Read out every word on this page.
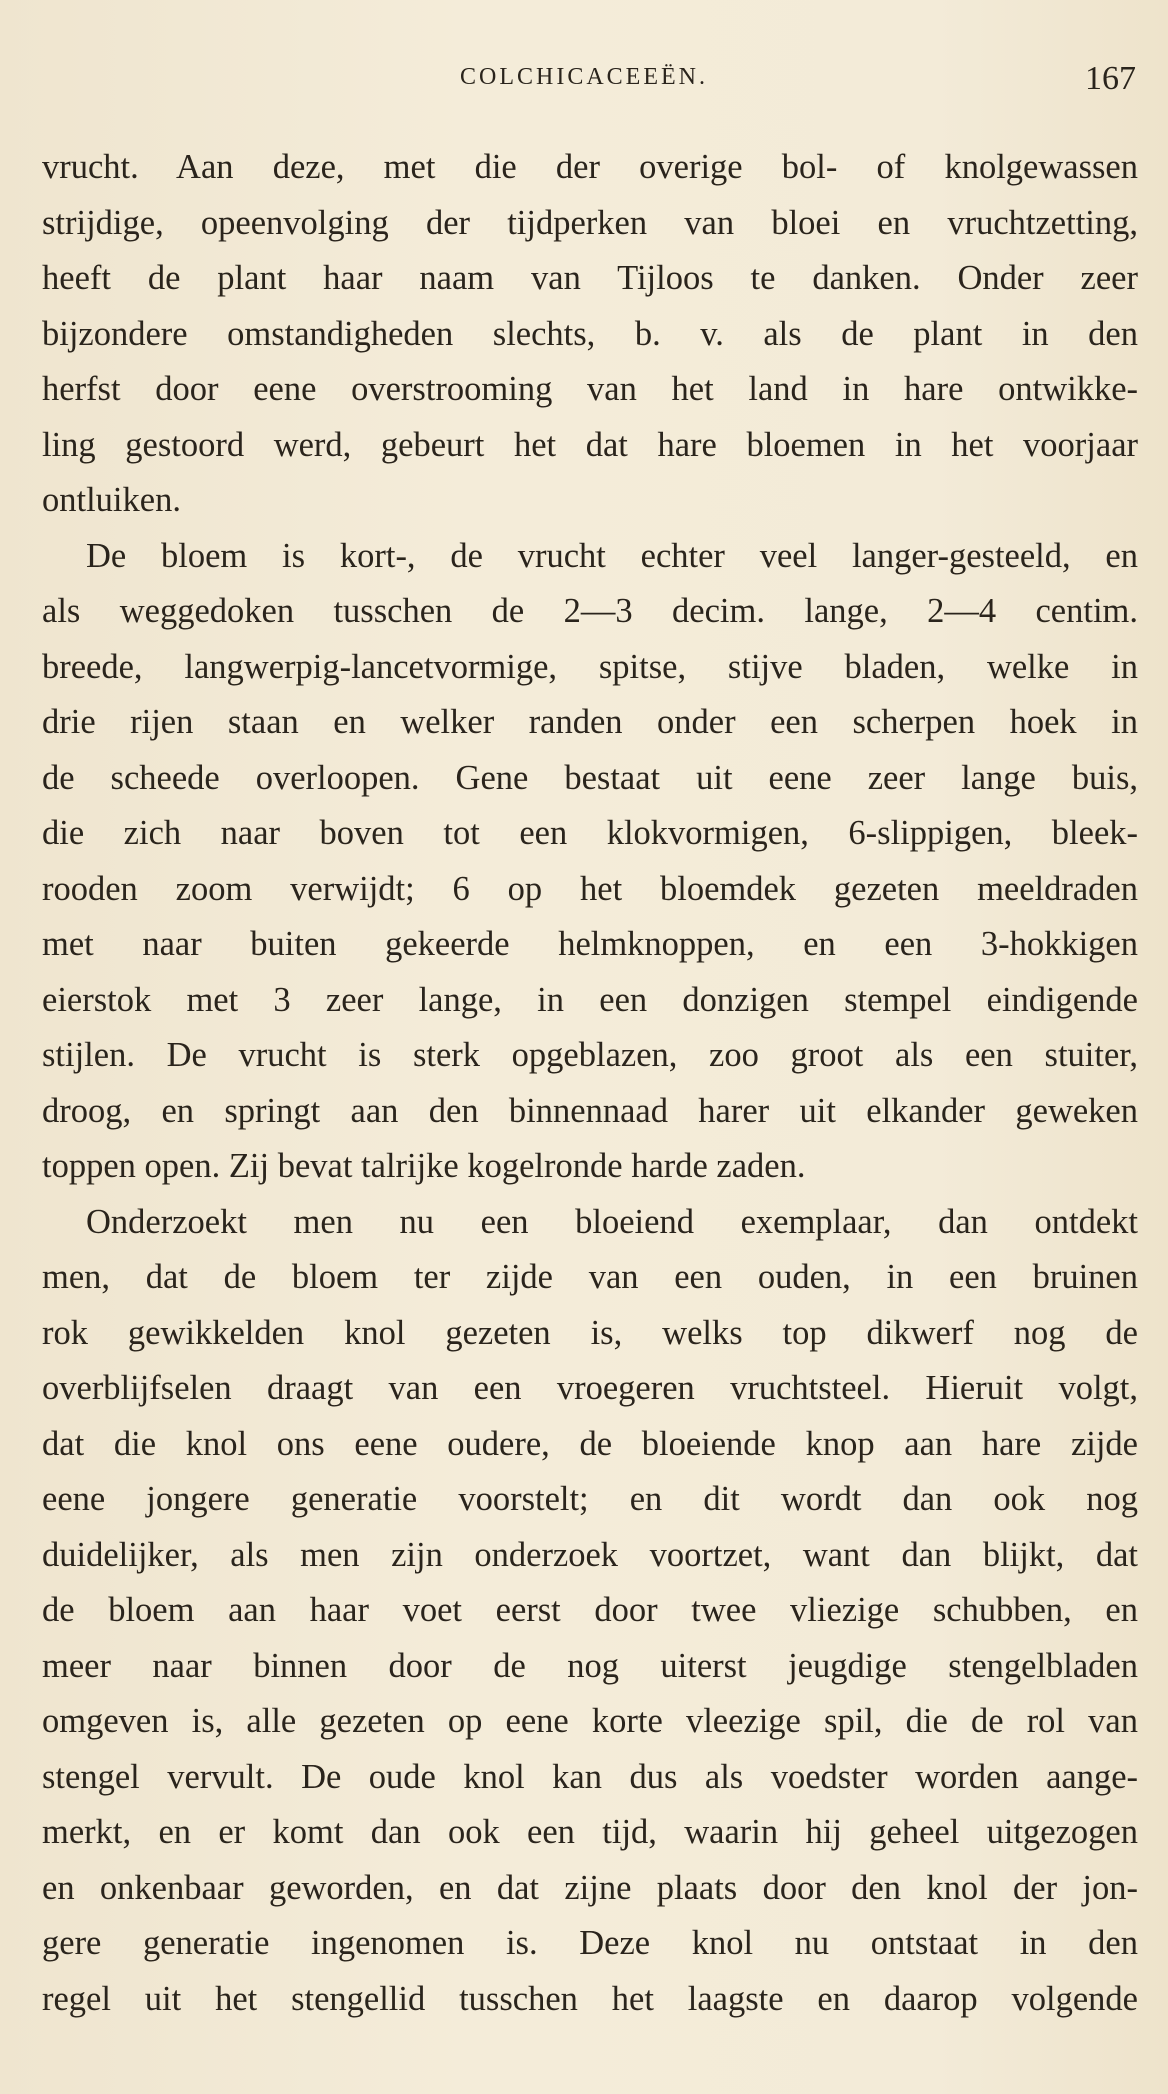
COLCHICACEEËN.	167
vrucht. Aan deze, met die der overige bol- of knolgewassen
strijdige, opeenvolging der tijdperken van bloei en vruchtzetting,
heeft de plant haar naam van Tijloos te danken. Onder zeer
bijzondere omstandigheden slechts, b. v. als de plant in den
herfst door eene overstrooming van het land in hare ontwikke-
ling gestoord werd, gebeurt het dat hare bloemen in het voorjaar
ontluiken.
De bloem is kort-, de vrucht echter veel langer-gesteeld, en
als weggedoken tusschen de 2—3 decim. lange, 2—4 centim.
breede, langwerpig-lancetvormige, spitse, stijve bladen, welke in
drie rijen staan en welker randen onder een scherpen hoek in
de scheede overloopen. Gene bestaat uit eene zeer lange buis,
die zich naar boven tot een klokvormigen, 6-slippigen, bleek-
rooden zoom verwijdt; 6 op het bloemdek gezeten meeldraden
met naar buiten gekeerde helmknoppen, en een 3-hokkigen
eierstok met 3 zeer lange, in een donzigen stempel eindigende
stijlen. De vrucht is sterk opgeblazen, zoo groot als een stuiter,
droog, en springt aan den binnennaad harer uit elkander geweken
toppen open. Zij bevat talrijke kogelronde harde zaden.
Onderzoekt men nu een bloeiend exemplaar, dan ontdekt
men, dat de bloem ter zijde van een ouden, in een bruinen
rok gewikkelden knol gezeten is, welks top dikwerf nog de
overblijfselen draagt van een vroegeren vruchtsteel. Hieruit volgt,
dat die knol ons eene oudere, de bloeiende knop aan hare zijde
eene jongere generatie voorstelt; en dit wordt dan ook nog
duidelijker, als men zijn onderzoek voortzet, want dan blijkt, dat
de bloem aan haar voet eerst door twee vliezige schubben, en
meer naar binnen door de nog uiterst jeugdige stengelbladen
omgeven is, alle gezeten op eene korte vleezige spil, die de rol van
stengel vervult. De oude knol kan dus als voedster worden aange-
merkt, en er komt dan ook een tijd, waarin hij geheel uitgezogen
en onkenbaar geworden, en dat zijne plaats door den knol der jon-
gere generatie ingenomen is. Deze knol nu ontstaat in den
regel uit het stengellid tusschen het laagste en daarop volgende
